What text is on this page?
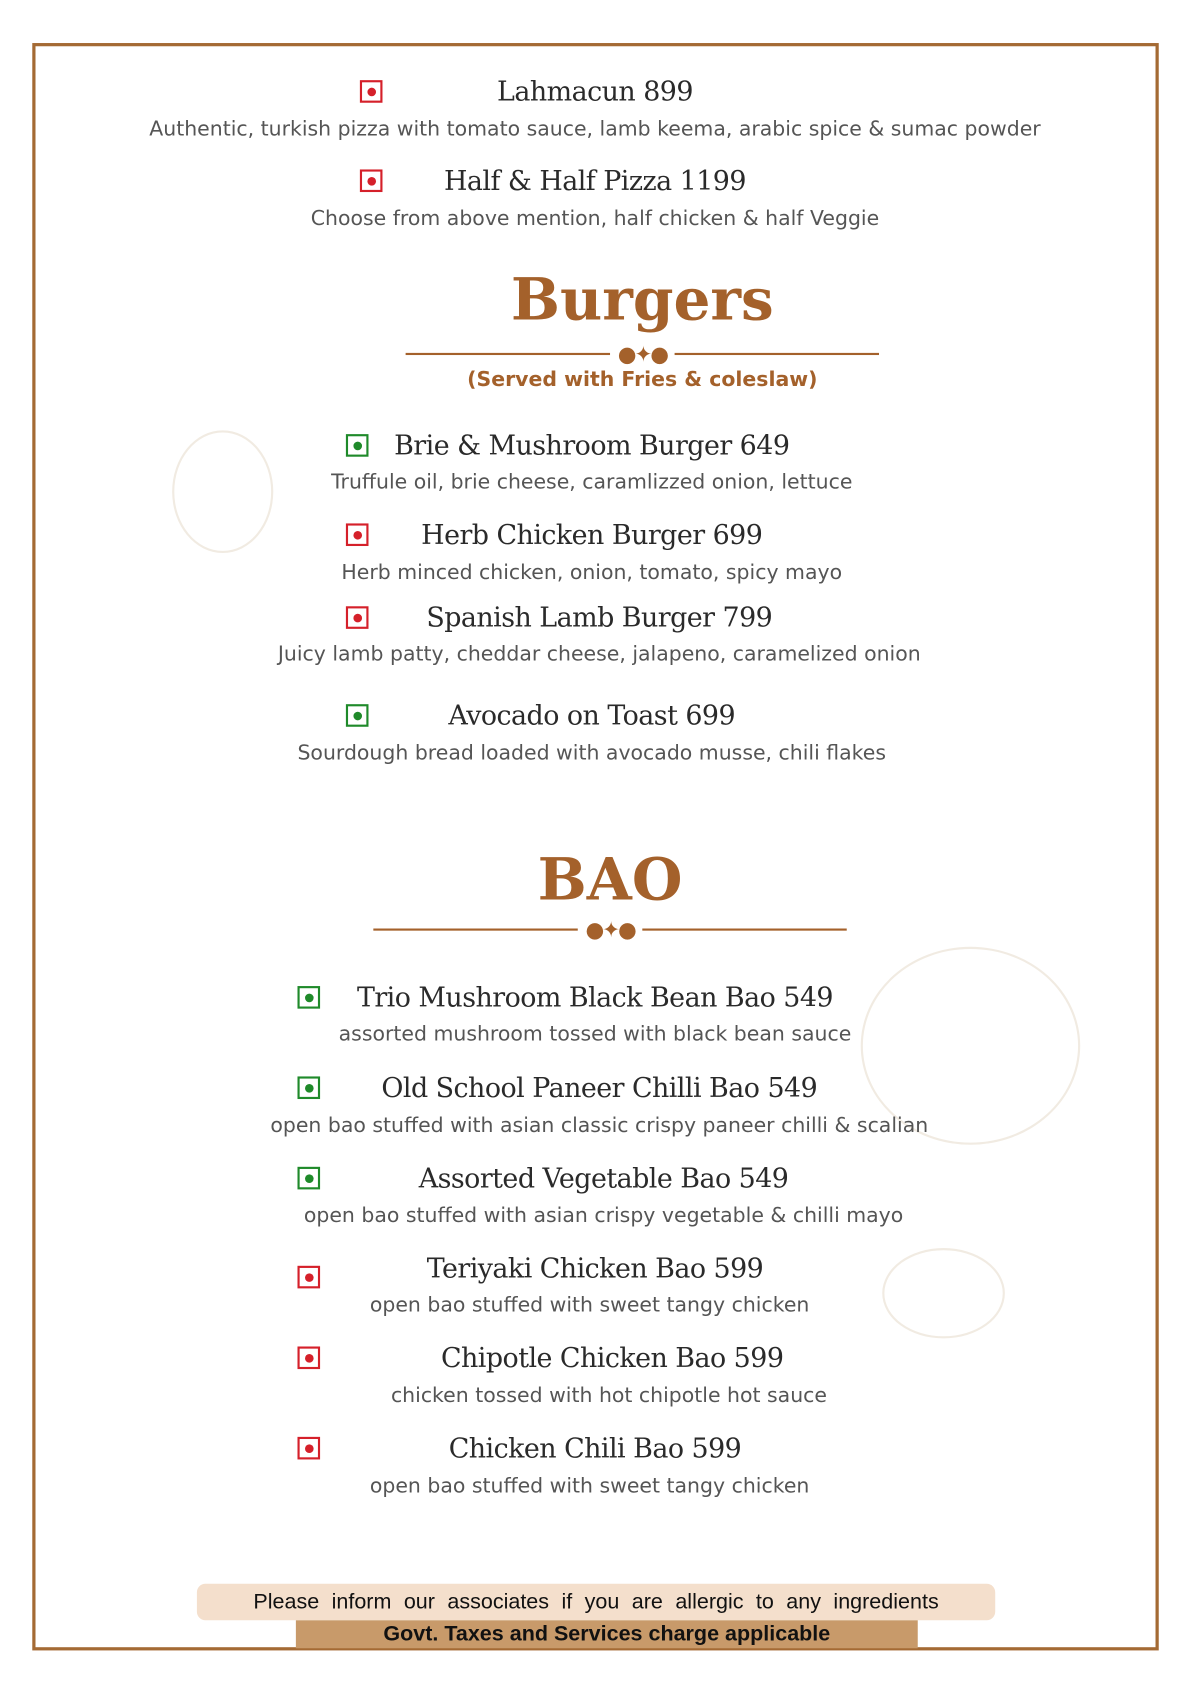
Lahmacun 899
Authentic, turkish pizza with tomato sauce, lamb keema, arabic spice & sumac powder
Half & Half Pizza 1199
Choose from above mention, half chicken & half Veggie
Brie & Mushroom Burger 649
Truffule oil, brie cheese, caramlizzed onion, lettuce
Herb Chicken Burger 699
Herb minced chicken, onion, tomato, spicy mayo
Spanish Lamb Burger 799
Juicy lamb patty, cheddar cheese, jalapeno, caramelized onion
Avocado on Toast 699
Sourdough bread loaded with avocado musse, chili flakes
Trio Mushroom Black Bean Bao 549
assorted mushroom tossed with black bean sauce
Old School Paneer Chilli Bao 549
open bao stuffed with asian classic crispy paneer chilli & scalian
Assorted Vegetable Bao 549
open bao stuffed with asian crispy vegetable & chilli mayo
Teriyaki Chicken Bao 599
open bao stuffed with sweet tangy chicken
Chipotle Chicken Bao 599
chicken tossed with hot chipotle hot sauce
Chicken Chili Bao 599
open bao stuffed with sweet tangy chicken
Burgers
●✦●
(Served with Fries & coleslaw)
BAO
●✦●
Please inform our associates if you are allergic to any ingredients
Govt. Taxes and Services charge applicable
